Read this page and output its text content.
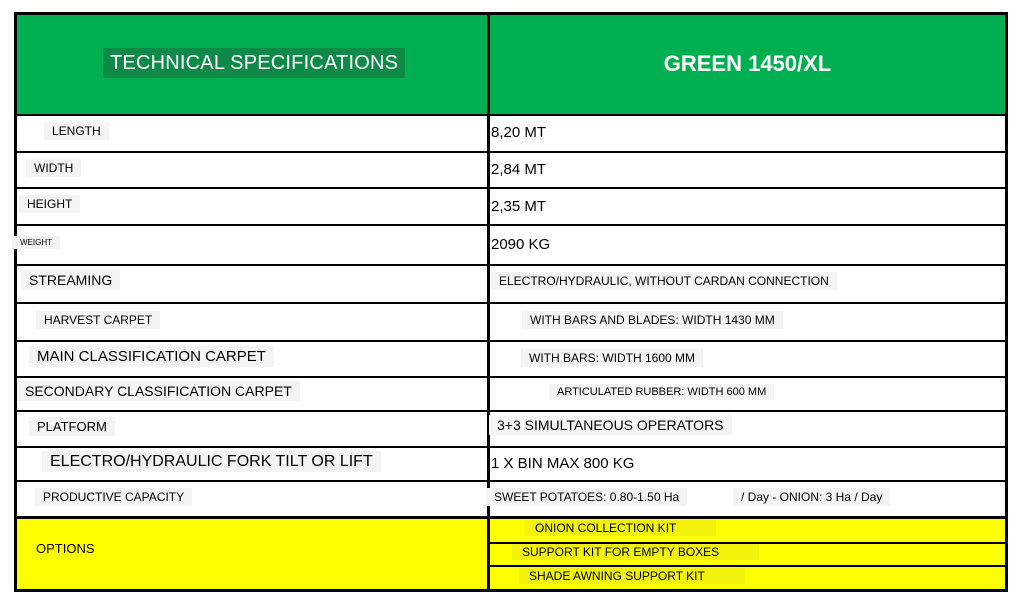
TECHNICAL SPECIFICATIONS	GREEN 1450/XL
LENGTH
WIDTH
HEIGHT
WEIGHT
STREAMING
HARVEST CARPET
MAIN CLASSIFICATION CARPET
SECONDARY CLASSIFICATION CARPET
PLATFORM
ELECTRO/HYDRAULIC FORK TILT OR LIFT
PRODUCTIVE CAPACITY
OPTIONS
8,20 MT
2,84 MT
2,35 MT
2090 KG
ELECTRO/HYDRAULIC, WITHOUT CARDAN CONNECTION
WITH BARS AND BLADES: WIDTH 1430 MM
WITH BARS: WIDTH 1600 MM
ARTICULATED RUBBER: WIDTH 600 MM
3+3 SIMULTANEOUS OPERATORS
1 X BIN MAX 800 KG
SWEET POTATOES: 0.80-1.50 Ha	/ Day - ONION: 3 Ha / Day
ONION COLLECTION KIT
SUPPORT KIT FOR EMPTY BOXES
SHADE AWNING SUPPORT KIT
